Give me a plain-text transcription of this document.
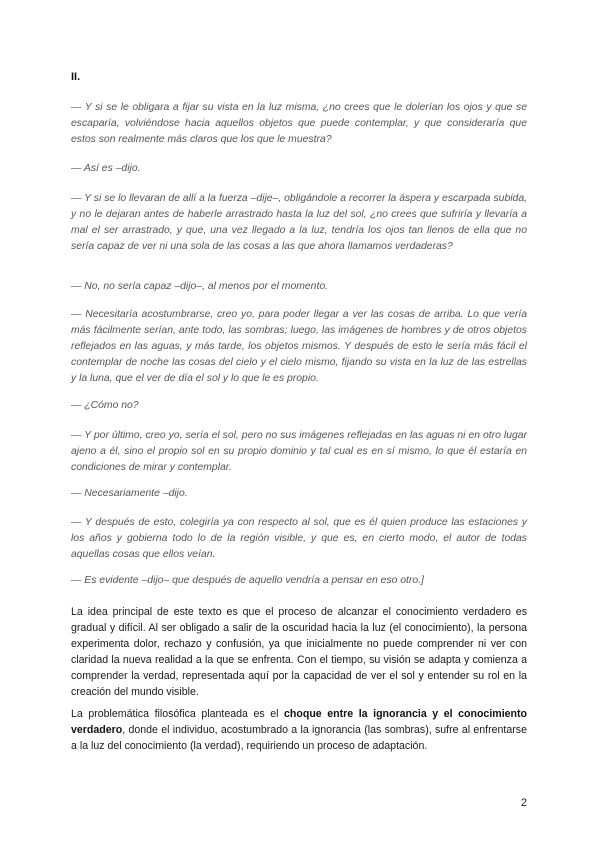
II.

— Y si se le obligara a fijar su vista en la luz misma, ¿no crees que le dolerían los ojos y que se escaparía, volviéndose hacia aquellos objetos que puede contemplar, y que consideraría que estos son realmente más claros que los que le muestra?

— Así es –dijo.

— Y si se lo llevaran de allí a la fuerza –dije–, obligándole a recorrer la áspera y escarpada subida, y no le dejaran antes de haberle arrastrado hasta la luz del sol, ¿no crees que sufriría y llevaría a mal el ser arrastrado, y que, una vez llegado a la luz, tendría los ojos tan llenos de ella que no sería capaz de ver ni una sola de las cosas a las que ahora llamamos verdaderas?

— No, no sería capaz –dijo–, al menos por el momento.

— Necesitaría acostumbrarse, creo yo, para poder llegar a ver las cosas de arriba. Lo que vería más fácilmente serían, ante todo, las sombras; luego, las imágenes de hombres y de otros objetos reflejados en las aguas, y más tarde, los objetos mismos. Y después de esto le sería más fácil el contemplar de noche las cosas del cielo y el cielo mismo, fijando su vista en la luz de las estrellas y la luna, que el ver de día el sol y lo que le es propio.

— ¿Cómo no?

— Y por último, creo yo, sería el sol, pero no sus imágenes reflejadas en las aguas ni en otro lugar ajeno a él, sino el propio sol en su propio dominio y tal cual es en sí mismo, lo que él estaría en condiciones de mirar y contemplar.

— Necesariamente –dijo.

— Y después de esto, colegiría ya con respecto al sol, que es él quien produce las estaciones y los años y gobierna todo lo de la región visible, y que es, en cierto modo, el autor de todas aquellas cosas que ellos veían.

— Es evidente –dijo– que después de aquello vendría a pensar en eso otro.]

La idea principal de este texto es que el proceso de alcanzar el conocimiento verdadero es gradual y difícil. Al ser obligado a salir de la oscuridad hacia la luz (el conocimiento), la persona experimenta dolor, rechazo y confusión, ya que inicialmente no puede comprender ni ver con claridad la nueva realidad a la que se enfrenta. Con el tiempo, su visión se adapta y comienza a comprender la verdad, representada aquí por la capacidad de ver el sol y entender su rol en la creación del mundo visible.

La problemática filosófica planteada es el choque entre la ignorancia y el conocimiento verdadero, donde el individuo, acostumbrado a la ignorancia (las sombras), sufre al enfrentarse a la luz del conocimiento (la verdad), requiriendo un proceso de adaptación.

2
